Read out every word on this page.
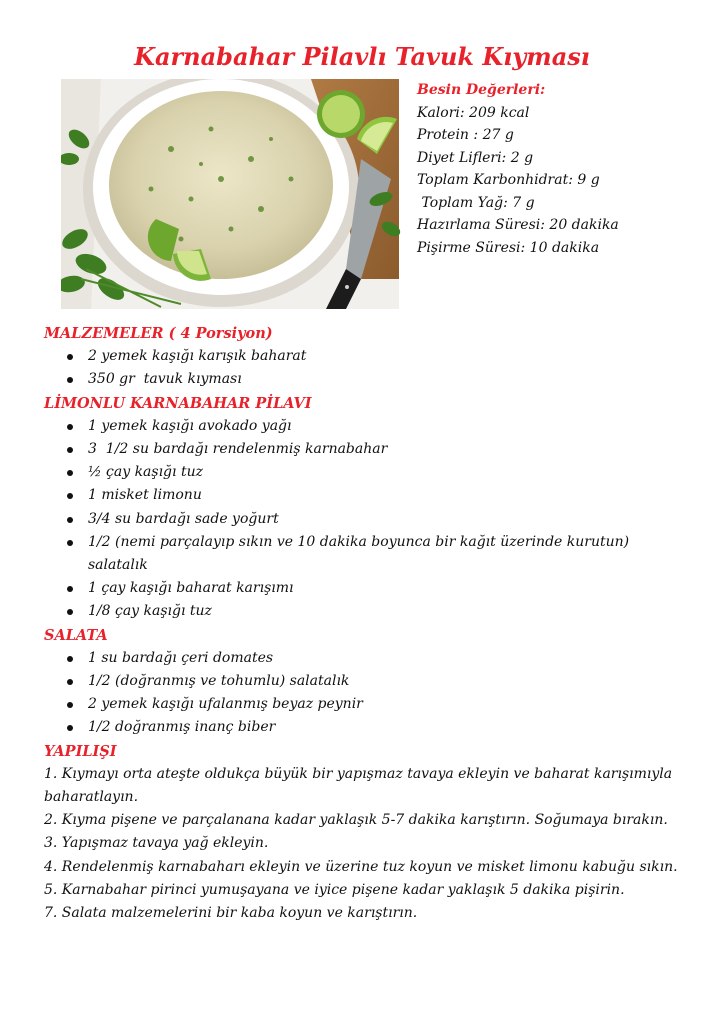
Karnabahar Pilavlı Tavuk Kıyması
Besin Değerleri:
Kalori: 209 kcal
Protein : 27 g
Diyet Lifleri: 2 g
Toplam Karbonhidrat: 9 g
Toplam Yağ: 7 g
Hazırlama Süresi: 20 dakika
Pişirme Süresi: 10 dakika
MALZEMELER ( 4 Porsiyon)
2 yemek kaşığı karışık baharat
350 gr  tavuk kıyması
LİMONLU KARNABAHAR PİLAVI
1 yemek kaşığı avokado yağı
3  1/2 su bardağı rendelenmiş karnabahar
½ çay kaşığı tuz
1 misket limonu
3/4 su bardağı sade yoğurt
1/2 (nemi parçalayıp sıkın ve 10 dakika boyunca bir kağıt üzerinde kurutun) salatalık
1 çay kaşığı baharat karışımı
1/8 çay kaşığı tuz
SALATA
1 su bardağı çeri domates
1/2 (doğranmış ve tohumlu) salatalık
2 yemek kaşığı ufalanmış beyaz peynir
1/2 doğranmış inanç biber
YAPILIŞI
1. Kıymayı orta ateşte oldukça büyük bir yapışmaz tavaya ekleyin ve baharat karışımıyla baharatlayın.
2. Kıyma pişene ve parçalanana kadar yaklaşık 5-7 dakika karıştırın. Soğumaya bırakın.
3. Yapışmaz tavaya yağ ekleyin.
4. Rendelenmiş karnabaharı ekleyin ve üzerine tuz koyun ve misket limonu kabuğu sıkın.
5. Karnabahar pirinci yumuşayana ve iyice pişene kadar yaklaşık 5 dakika pişirin.
7. Salata malzemelerini bir kaba koyun ve karıştırın.
